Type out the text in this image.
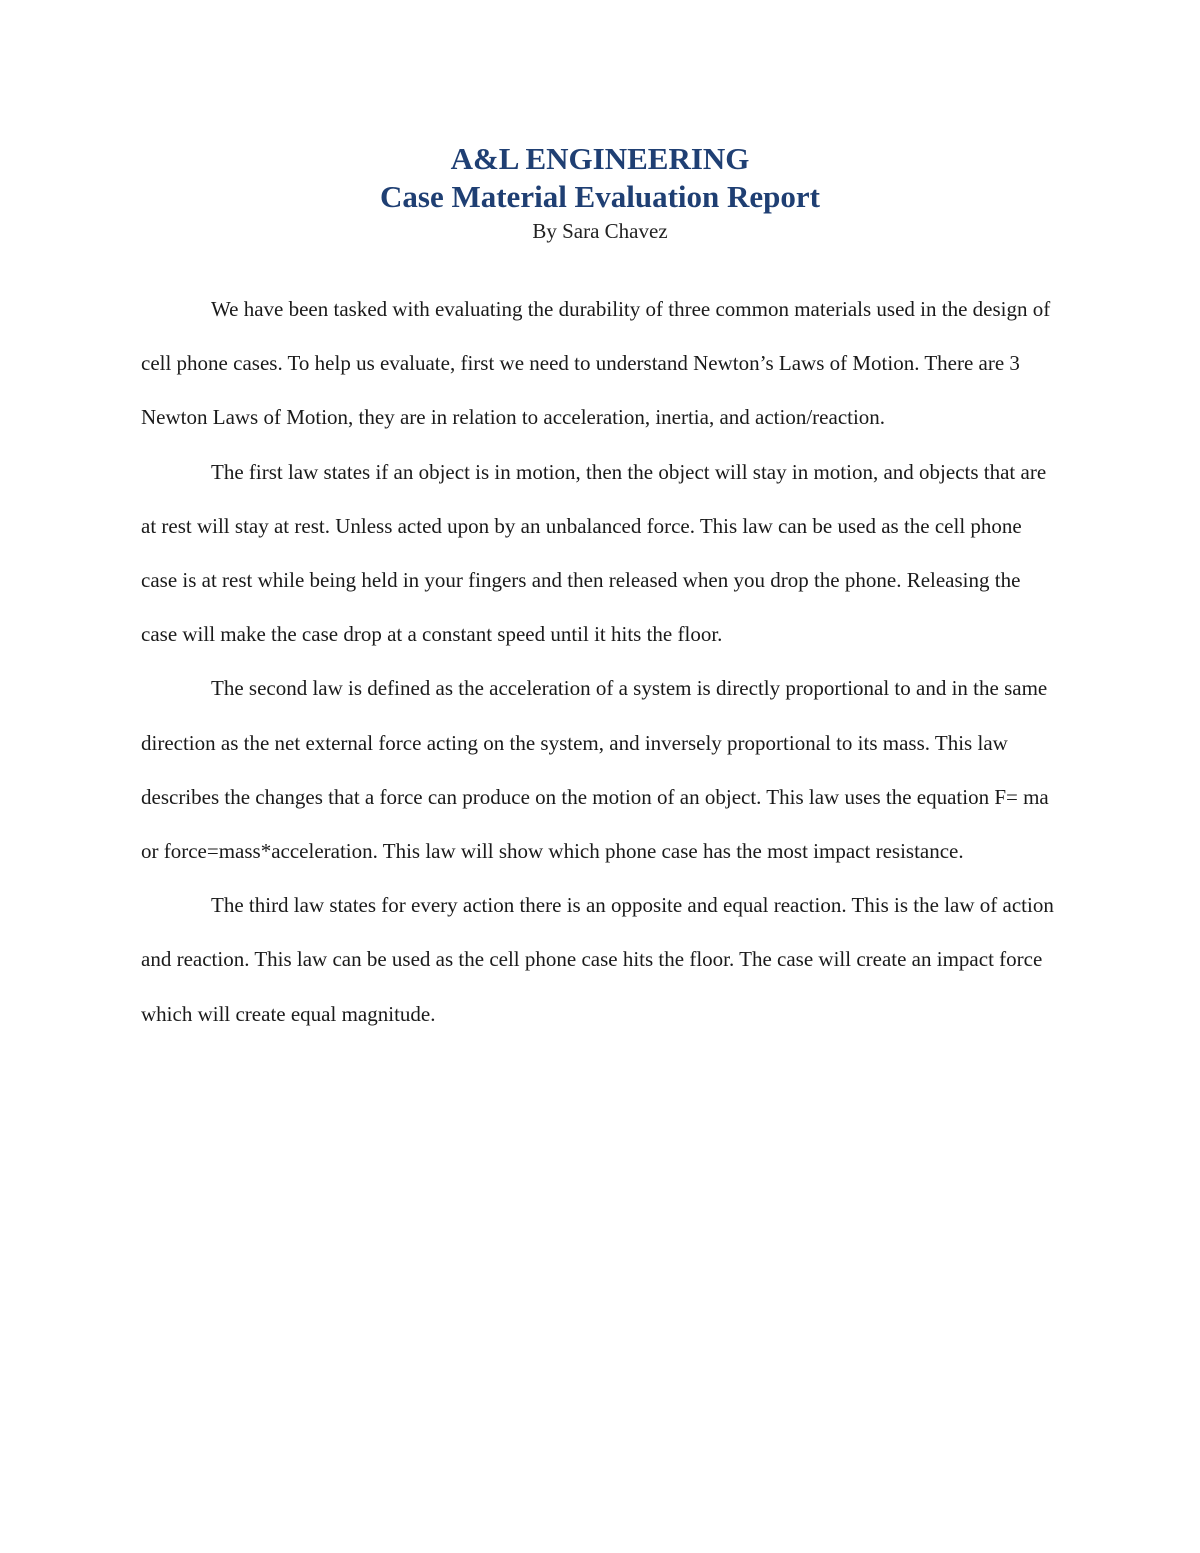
A&L ENGINEERING

Case Material Evaluation Report

By Sara Chavez

We have been tasked with evaluating the durability of three common materials used in the design of cell phone cases. To help us evaluate, first we need to understand Newton’s Laws of Motion. There are 3 Newton Laws of Motion, they are in relation to acceleration, inertia, and action/reaction.

The first law states if an object is in motion, then the object will stay in motion, and objects that are at rest will stay at rest. Unless acted upon by an unbalanced force. This law can be used as the cell phone case is at rest while being held in your fingers and then released when you drop the phone. Releasing the case will make the case drop at a constant speed until it hits the floor.

The second law is defined as the acceleration of a system is directly proportional to and in the same direction as the net external force acting on the system, and inversely proportional to its mass. This law describes the changes that a force can produce on the motion of an object. This law uses the equation F= ma or force=mass*acceleration. This law will show which phone case has the most impact resistance.

The third law states for every action there is an opposite and equal reaction. This is the law of action and reaction. This law can be used as the cell phone case hits the floor. The case will create an impact force which will create equal magnitude.
